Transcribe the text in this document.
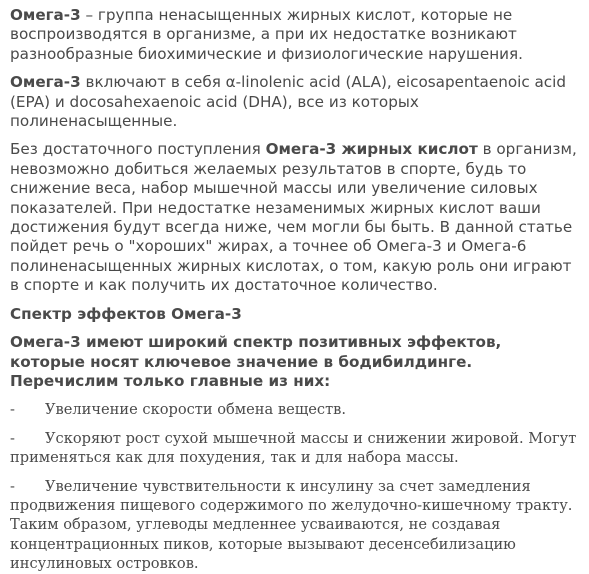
Омега-3 – группа ненасыщенных жирных кислот, которые не воспроизводятся в организме, а при их недостатке возникают разнообразные биохимические и физиологические нарушения.

Омега-3 включают в себя α-linolenic acid (ALA), eicosapentaenoic acid (EPA) и docosahexaenoic acid (DHA), все из которых полиненасыщенные.

Без достаточного поступления Омега-3 жирных кислот в организм, невозможно добиться желаемых результатов в спорте, будь то снижение веса, набор мышечной массы или увеличение силовых показателей. При недостатке незаменимых жирных кислот ваши достижения будут всегда ниже, чем могли бы быть. В данной статье пойдет речь о "хороших" жирах, а точнее об Омега-3 и Омега-6 полиненасыщенных жирных кислотах, о том, какую роль они играют в спорте и как получить их достаточное количество.

Спектр эффектов Омега-3

Омега-3 имеют широкий спектр позитивных эффектов, которые носят ключевое значение в бодибилдинге. Перечислим только главные из них:

- Увеличение скорости обмена веществ.

- Ускоряют рост сухой мышечной массы и снижении жировой. Могут применяться как для похудения, так и для набора массы.

- Увеличение чувствительности к инсулину за счет замедления продвижения пищевого содержимого по желудочно-кишечному тракту. Таким образом, углеводы медленнее усваиваются, не создавая концентрационных пиков, которые вызывают десенсебилизацию инсулиновых островков.
